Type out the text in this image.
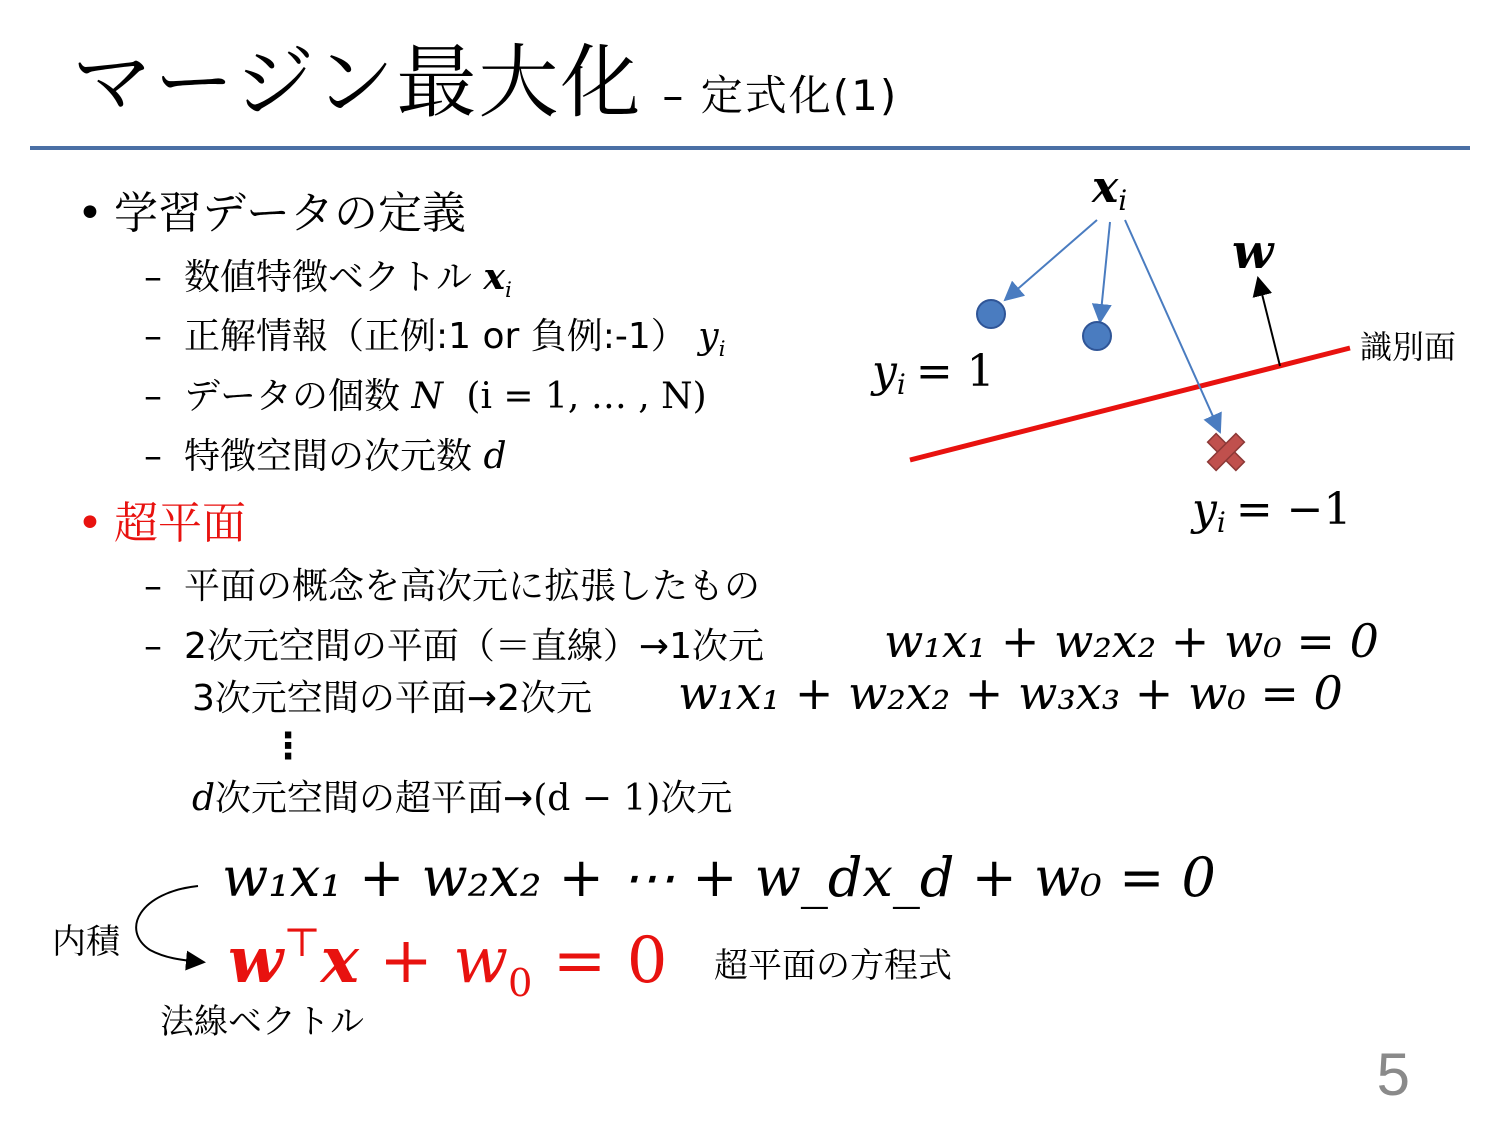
マージン最大化 – 定式化(1)
• 学習データの定義
– 数値特徴ベクトル $x_i$
– 正解情報（正例:1 or 負例:-1） $y_i$
– データの個数 N (i = 1, … , N)
– 特徴空間の次元数 d
• 超平面
– 平面の概念を高次元に拡張したもの
– 2次元空間の平面（＝直線）→1次元	w₁x₁ + w₂x₂ + w₀ = 0
3次元空間の平面→2次元 w₁x₁ + w₂x₂ + w₃x₃ + w₀ = 0
⋮
d次元空間の超平面→(d − 1)次元
w₁x₁ + w₂x₂ + ⋯ + w_dx_d + w₀ = 0
$w^⊤x + w_0 = 0$ 超平面の方程式
内積
法線ベクトル
xi
w
識別面
yi = 1
yi = −1
5
